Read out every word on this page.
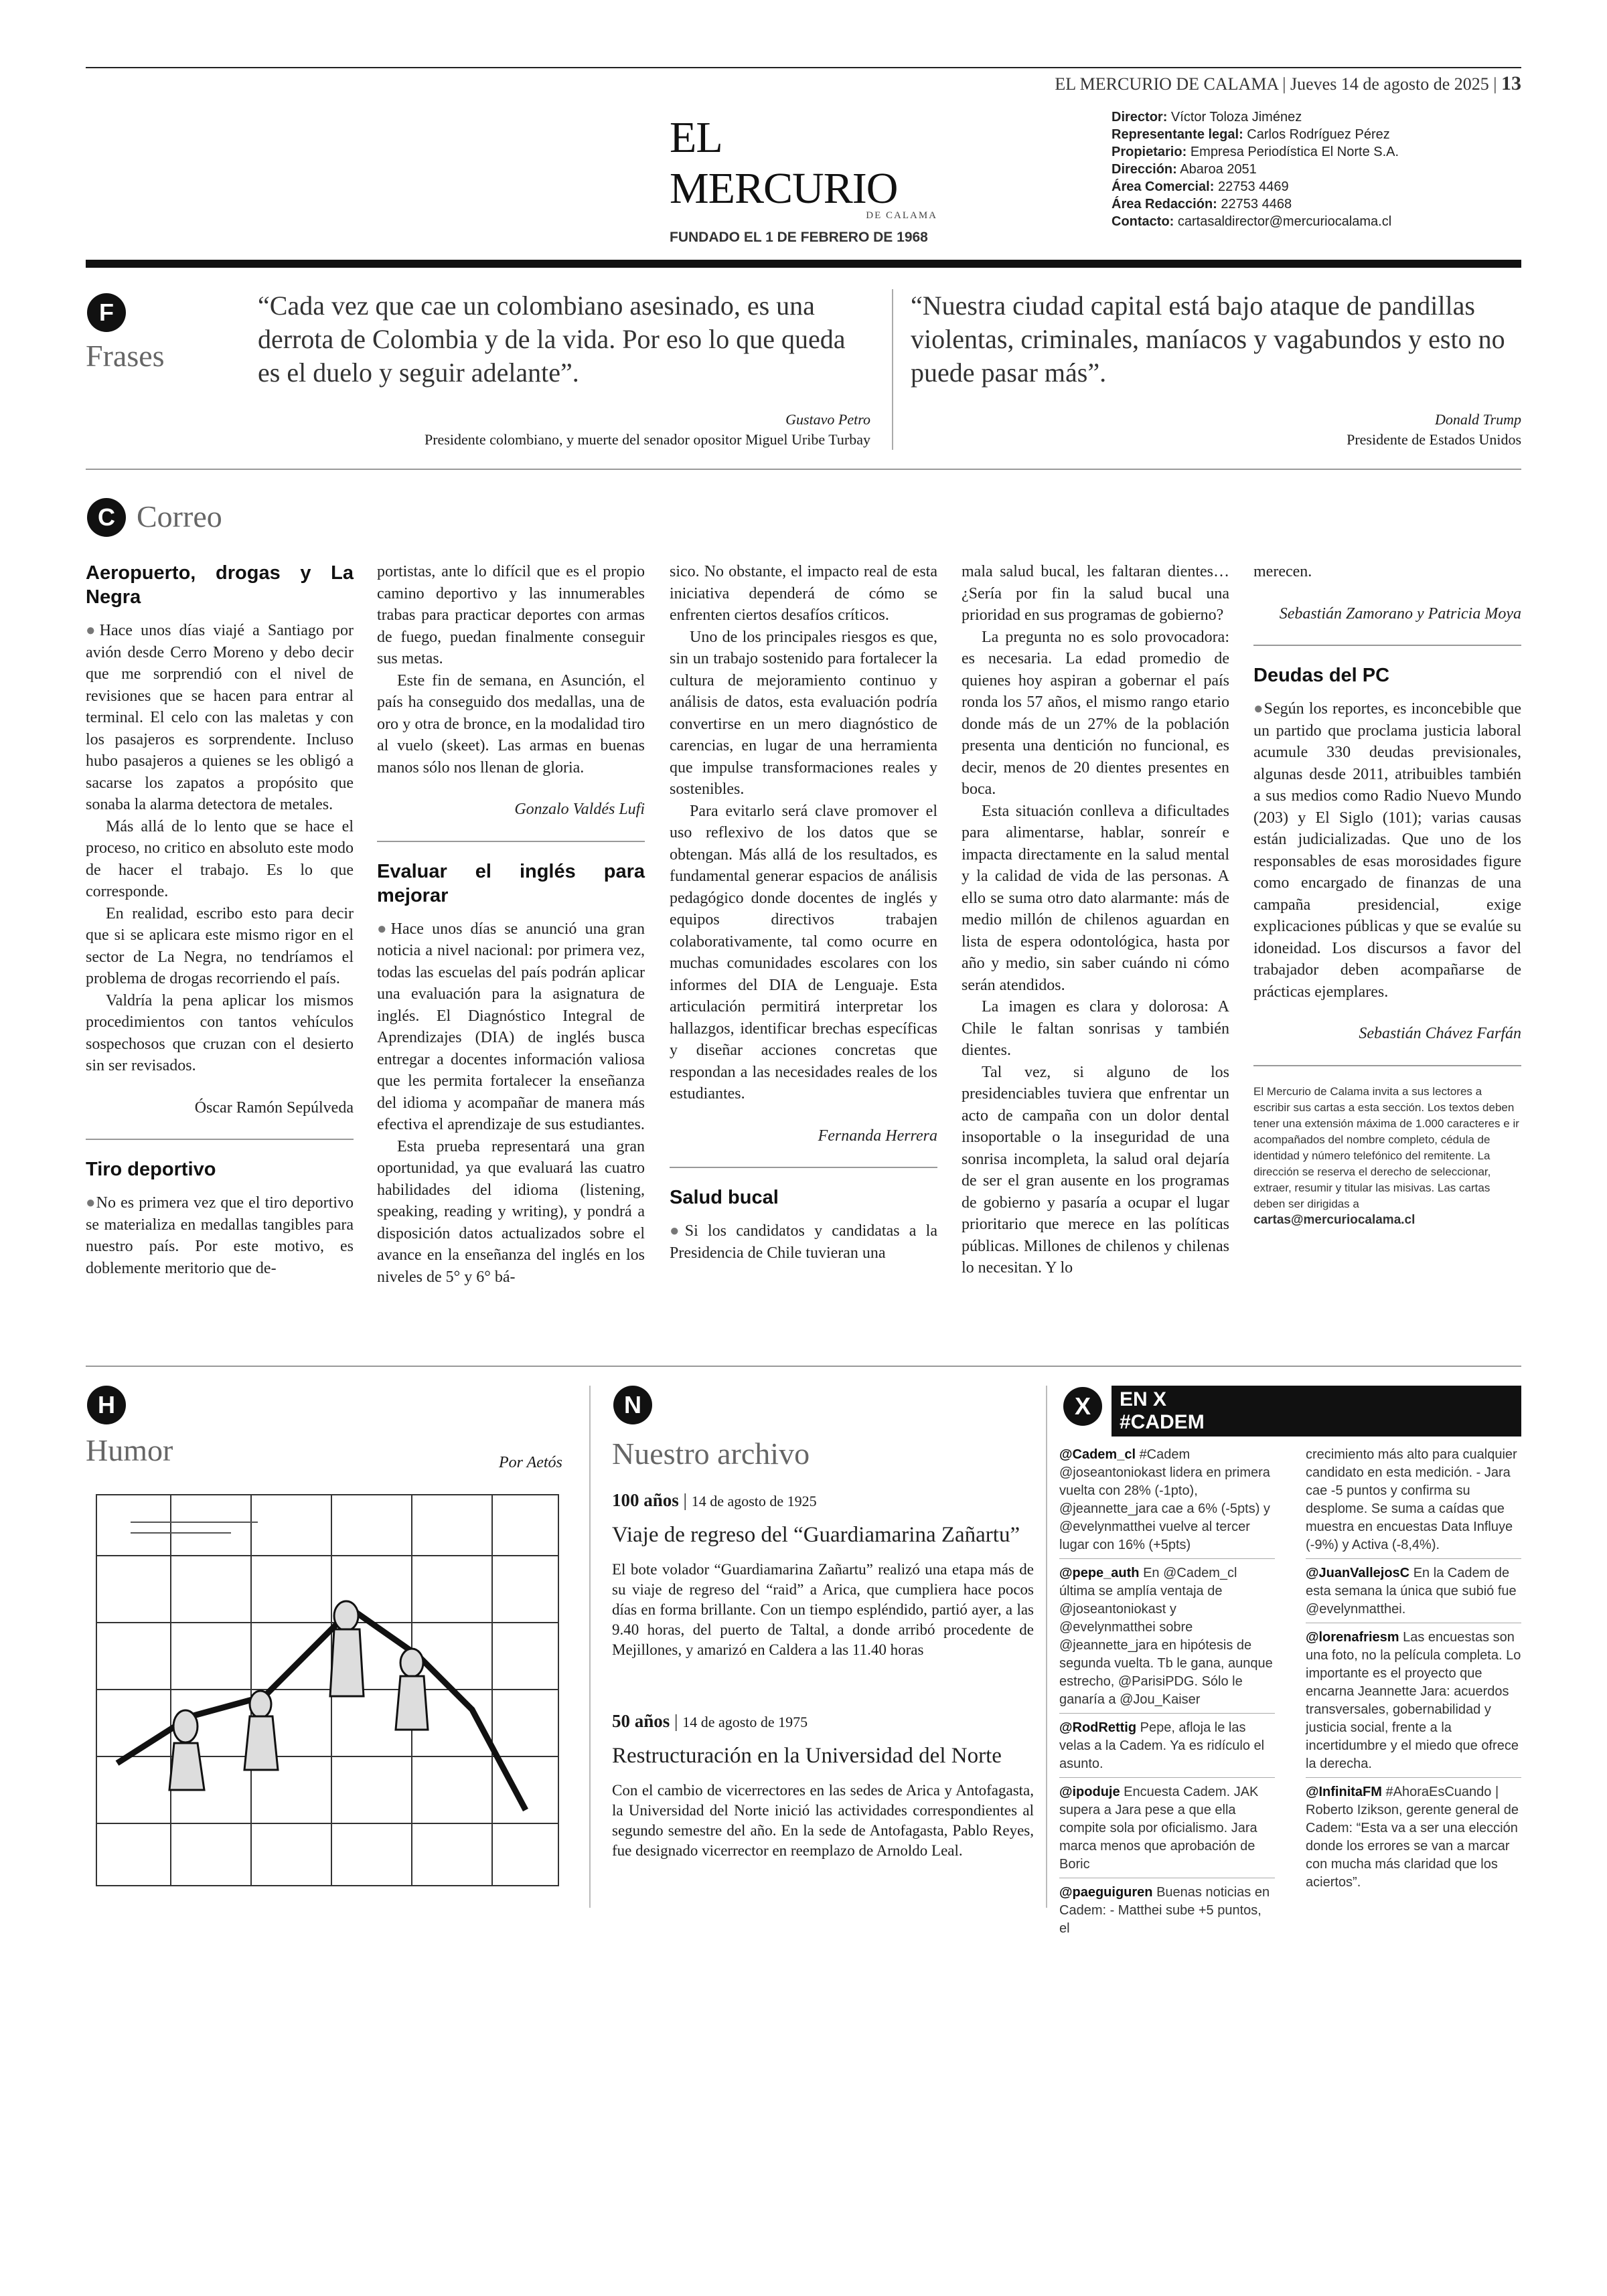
EL MERCURIO DE CALAMA | Jueves 14 de agosto de 2025 | 13
EL MERCURIO
DE CALAMA
FUNDADO EL 1 DE FEBRERO DE 1968
Director: Víctor Toloza Jiménez
Representante legal: Carlos Rodríguez Pérez
Propietario: Empresa Periodística El Norte S.A.
Dirección: Abaroa 2051
Área Comercial: 22753 4469
Área Redacción: 22753 4468
Contacto: cartasaldirector@mercuriocalama.cl
F
Frases
“Cada vez que cae un colombiano asesinado, es una derrota de Colombia y de la vida. Por eso lo que queda es el duelo y seguir adelante”.
Gustavo Petro
Presidente colombiano, y muerte del senador opositor Miguel Uribe Turbay
“Nuestra ciudad capital está bajo ataque de pandillas violentas, criminales, maníacos y vagabundos y esto no puede pasar más”.
Donald Trump
Presidente de Estados Unidos
C Correo
Aeropuerto, drogas y La Negra

●Hace unos días viajé a Santiago por avión desde Cerro Moreno y debo decir que me sorprendió con el nivel de revisiones que se hacen para entrar al terminal. El celo con las maletas y con los pasajeros es sorprendente. Incluso hubo pasajeros a quienes se les obligó a sacarse los zapatos a propósito que sonaba la alarma detectora de metales.

Más allá de lo lento que se hace el proceso, no critico en absoluto este modo de hacer el trabajo. Es lo que corresponde.

En realidad, escribo esto para decir que si se aplicara este mismo rigor en el sector de La Negra, no tendríamos el problema de drogas recorriendo el país.

Valdría la pena aplicar los mismos procedimientos con tantos vehículos sospechosos que cruzan con el desierto sin ser revisados.

Óscar Ramón Sepúlveda
Tiro deportivo

●No es primera vez que el tiro deportivo se materializa en medallas tangibles para nuestro país. Por este motivo, es doblemente meritorio que de-

portistas, ante lo difícil que es el propio camino deportivo y las innumerables trabas para practicar deportes con armas de fuego, puedan finalmente conseguir sus metas.

Este fin de semana, en Asunción, el país ha conseguido dos medallas, una de oro y otra de bronce, en la modalidad tiro al vuelo (skeet). Las armas en buenas manos sólo nos llenan de gloria.

Gonzalo Valdés Lufi
Evaluar el inglés para mejorar

●Hace unos días se anunció una gran noticia a nivel nacional: por primera vez, todas las escuelas del país podrán aplicar una evaluación para la asignatura de inglés. El Diagnóstico Integral de Aprendizajes (DIA) de inglés busca entregar a docentes información valiosa que les permita fortalecer la enseñanza del idioma y acompañar de manera más efectiva el aprendizaje de sus estudiantes.

Esta prueba representará una gran oportunidad, ya que evaluará las cuatro habilidades del idioma (listening, speaking, reading y writing), y pondrá a disposición datos actualizados sobre el avance en la enseñanza del inglés en los niveles de 5° y 6° bá-

sico. No obstante, el impacto real de esta iniciativa dependerá de cómo se enfrenten ciertos desafíos críticos.

Uno de los principales riesgos es que, sin un trabajo sostenido para fortalecer la cultura de mejoramiento continuo y análisis de datos, esta evaluación podría convertirse en un mero diagnóstico de carencias, en lugar de una herramienta que impulse transformaciones reales y sostenibles.

Para evitarlo será clave promover el uso reflexivo de los datos que se obtengan. Más allá de los resultados, es fundamental generar espacios de análisis pedagógico donde docentes de inglés y equipos directivos trabajen colaborativamente, tal como ocurre en muchas comunidades escolares con los informes del DIA de Lenguaje. Esta articulación permitirá interpretar los hallazgos, identificar brechas específicas y diseñar acciones concretas que respondan a las necesidades reales de los estudiantes.

Fernanda Herrera
Salud bucal

●Si los candidatos y candidatas a la Presidencia de Chile tuvieran una

mala salud bucal, les faltaran dientes… ¿Sería por fin la salud bucal una prioridad en sus programas de gobierno?

La pregunta no es solo provocadora: es necesaria. La edad promedio de quienes hoy aspiran a gobernar el país ronda los 57 años, el mismo rango etario donde más de un 27% de la población presenta una dentición no funcional, es decir, menos de 20 dientes presentes en boca.

Esta situación conlleva a dificultades para alimentarse, hablar, sonreír e impacta directamente en la salud mental y la calidad de vida de las personas. A ello se suma otro dato alarmante: más de medio millón de chilenos aguardan en lista de espera odontológica, hasta por año y medio, sin saber cuándo ni cómo serán atendidos.

La imagen es clara y dolorosa: A Chile le faltan sonrisas y también dientes.

Tal vez, si alguno de los presidenciables tuviera que enfrentar un acto de campaña con un dolor dental insoportable o la inseguridad de una sonrisa incompleta, la salud oral dejaría de ser el gran ausente en los programas de gobierno y pasaría a ocupar el lugar prioritario que merece en las políticas públicas. Millones de chilenos y chilenas lo necesitan. Y lo

merecen.

Sebastián Zamorano y Patricia Moya
Deudas del PC

●Según los reportes, es inconcebible que un partido que proclama justicia laboral acumule 330 deudas previsionales, algunas desde 2011, atribuibles también a sus medios como Radio Nuevo Mundo (203) y El Siglo (101); varias causas están judicializadas. Que uno de los responsables de esas morosidades figure como encargado de finanzas de una campaña presidencial, exige explicaciones públicas y que se evalúe su idoneidad. Los discursos a favor del trabajador deben acompañarse de prácticas ejemplares.

Sebastián Chávez Farfán
El Mercurio de Calama invita a sus lectores a escribir sus cartas a esta sección. Los textos deben tener una extensión máxima de 1.000 caracteres e ir acompañados del nombre completo, cédula de identidad y número telefónico del remitente. La dirección se reserva el derecho de seleccionar, extraer, resumir y titular las misivas. Las cartas deben ser dirigidas a
cartas@mercuriocalama.cl
H
Humor	Por Aetós
N
Nuestro archivo
100 años | 14 de agosto de 1925
Viaje de regreso del “Guardiamarina Zañartu”
El bote volador “Guardiamarina Zañartu” realizó una etapa más de su viaje de regreso del “raid” a Arica, que cumpliera hace pocos días en forma brillante. Con un tiempo espléndido, partió ayer, a las 9.40 horas, del puerto de Taltal, a donde arribó procedente de Mejillones, y amarizó en Caldera a las 11.40 horas
50 años | 14 de agosto de 1975
Restructuración en la Universidad del Norte
Con el cambio de vicerrectores en las sedes de Arica y Antofagasta, la Universidad del Norte inició las actividades correspondientes al segundo semestre del año. En la sede de Antofagasta, Pablo Reyes, fue designado vicerrector en reemplazo de Arnoldo Leal.
X	EN X
#CADEM
@Cadem_cl #Cadem @joseantoniokast lidera en primera vuelta con 28% (-1pto), @jeannette_jara cae a 6% (-5pts) y @evelynmatthei vuelve al tercer lugar con 16% (+5pts)
@pepe_auth En @Cadem_cl última se amplía ventaja de @joseantoniokast y @evelynmatthei sobre @jeannette_jara en hipótesis de segunda vuelta. Tb le gana, aunque estrecho, @ParisiPDG. Sólo le ganaría a @Jou_Kaiser
@RodRettig Pepe, afloja le las velas a la Cadem. Ya es ridículo el asunto.
@ipoduje Encuesta Cadem. JAK supera a Jara pese a que ella compite sola por oficialismo. Jara marca menos que aprobación de Boric
@paeguiguren Buenas noticias en Cadem: - Matthei sube +5 puntos, el
crecimiento más alto para cualquier candidato en esta medición. - Jara cae -5 puntos y confirma su desplome. Se suma a caídas que muestra en encuestas Data Influye (-9%) y Activa (-8,4%).
@JuanVallejosC En la Cadem de esta semana la única que subió fue @evelynmatthei.
@lorenafriesm Las encuestas son una foto, no la película completa. Lo importante es el proyecto que encarna Jeannette Jara: acuerdos transversales, gobernabilidad y justicia social, frente a la incertidumbre y el miedo que ofrece la derecha.
@InfinitaFM #AhoraEsCuando | Roberto Izikson, gerente general de Cadem: “Esta va a ser una elección donde los errores se van a marcar con mucha más claridad que los aciertos”.
